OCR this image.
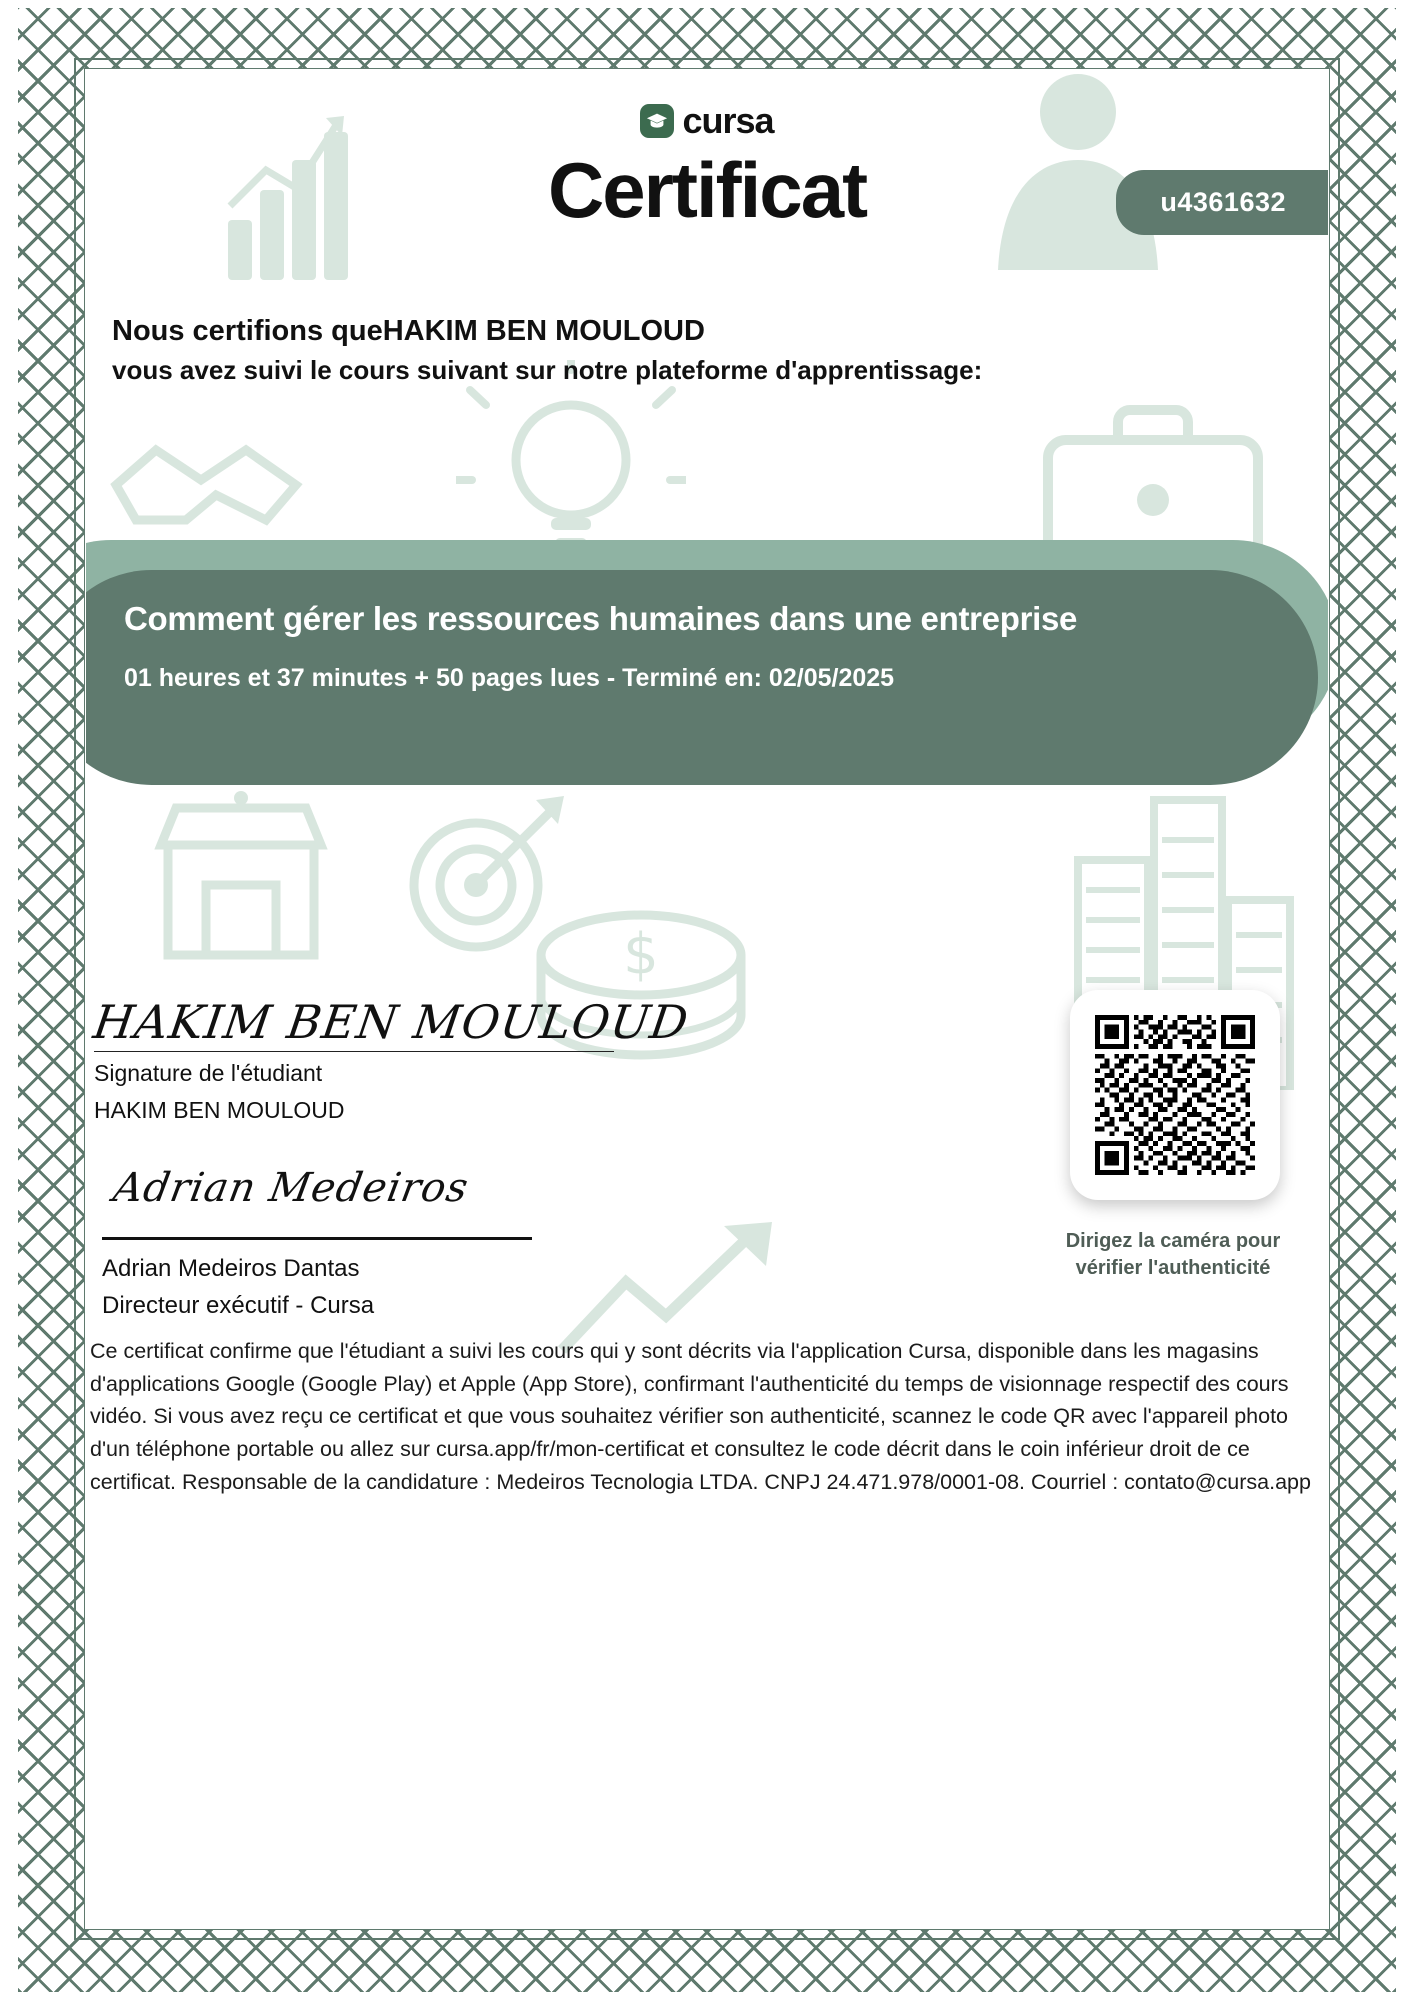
$
cursa
Certificat	u4361632
Nous certifions queHAKIM BEN MOULOUD
vous avez suivi le cours suivant sur notre plateforme d'apprentissage:
Comment gérer les ressources humaines dans une entreprise
01 heures et 37 minutes + 50 pages lues - Terminé en: 02/05/2025
HAKIM BEN MOULOUD
Signature de l'étudiant
HAKIM BEN MOULOUD
Adrian Medeiros
Adrian Medeiros Dantas
Directeur exécutif - Cursa
Dirigez la caméra pour
vérifier l'authenticité
Ce certificat confirme que l'étudiant a suivi les cours qui y sont décrits via l'application Cursa, disponible dans les magasins d'applications Google (Google Play) et Apple (App Store), confirmant l'authenticité du temps de visionnage respectif des cours vidéo. Si vous avez reçu ce certificat et que vous souhaitez vérifier son authenticité, scannez le code QR avec l'appareil photo d'un téléphone portable ou allez sur cursa.app/fr/mon-certificat et consultez le code décrit dans le coin inférieur droit de ce certificat. Responsable de la candidature : Medeiros Tecnologia LTDA. CNPJ 24.471.978/0001-08. Courriel : contato@cursa.app
